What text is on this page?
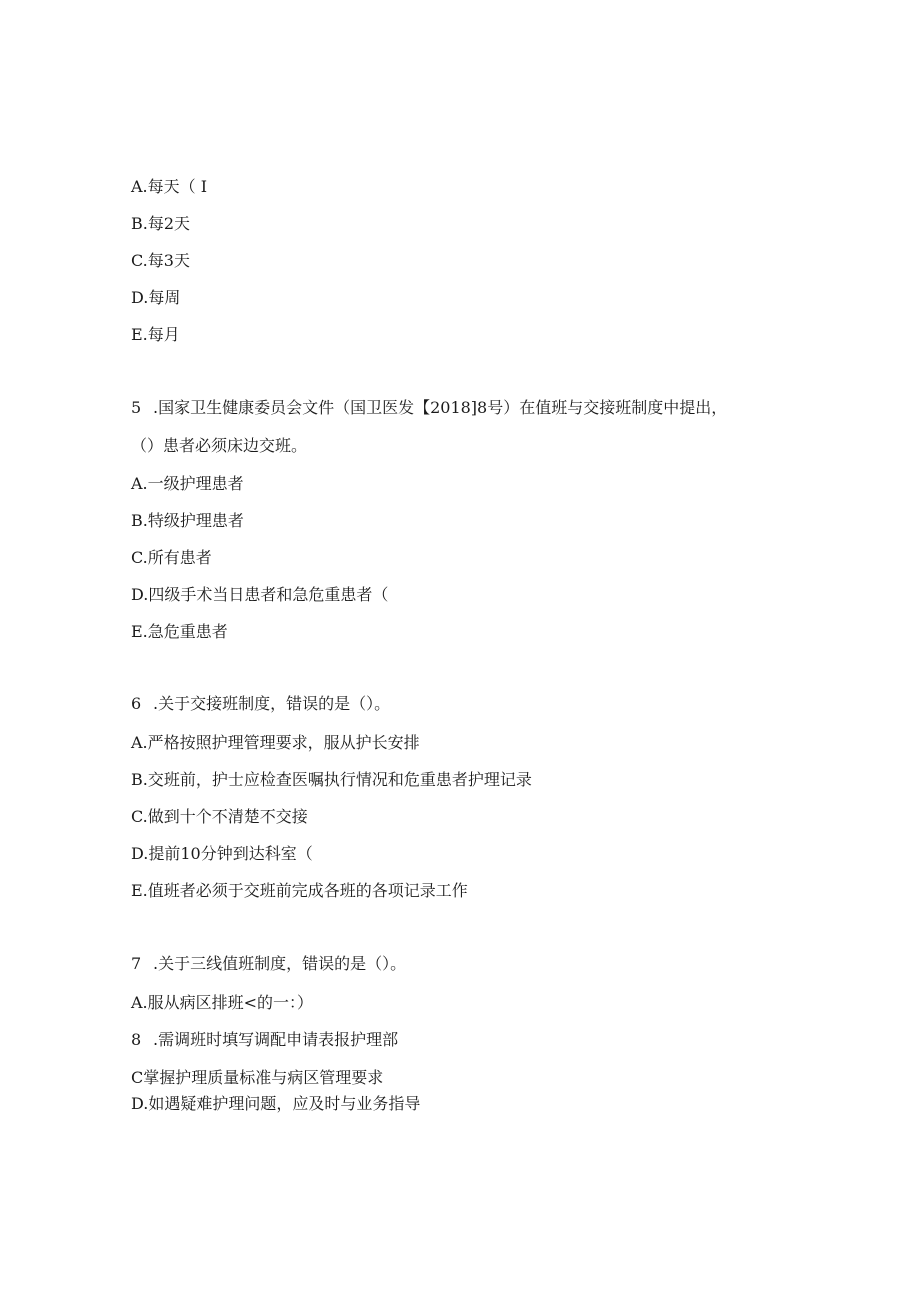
A.每天（ I
B.每2天
C.每3天
D.每周
E.每月
5 .国家卫生健康委员会文件（国卫医发【2018]8号）在值班与交接班制度中提出，
（）患者必须床边交班。
A.一级护理患者
B.特级护理患者
C.所有患者
D.四级手术当日患者和急危重患者（
E.急危重患者
6 .关于交接班制度，错误的是（）。
A.严格按照护理管理要求，服从护长安排
B.交班前，护士应检查医嘱执行情况和危重患者护理记录
C.做到十个不清楚不交接
D.提前10分钟到达科室（
E.值班者必须于交班前完成各班的各项记录工作
7 .关于三线值班制度，错误的是（）。
A.服从病区排班<的一：）
8 .需调班时填写调配申请表报护理部
C掌握护理质量标准与病区管理要求
D.如遇疑难护理问题，应及时与业务指导
